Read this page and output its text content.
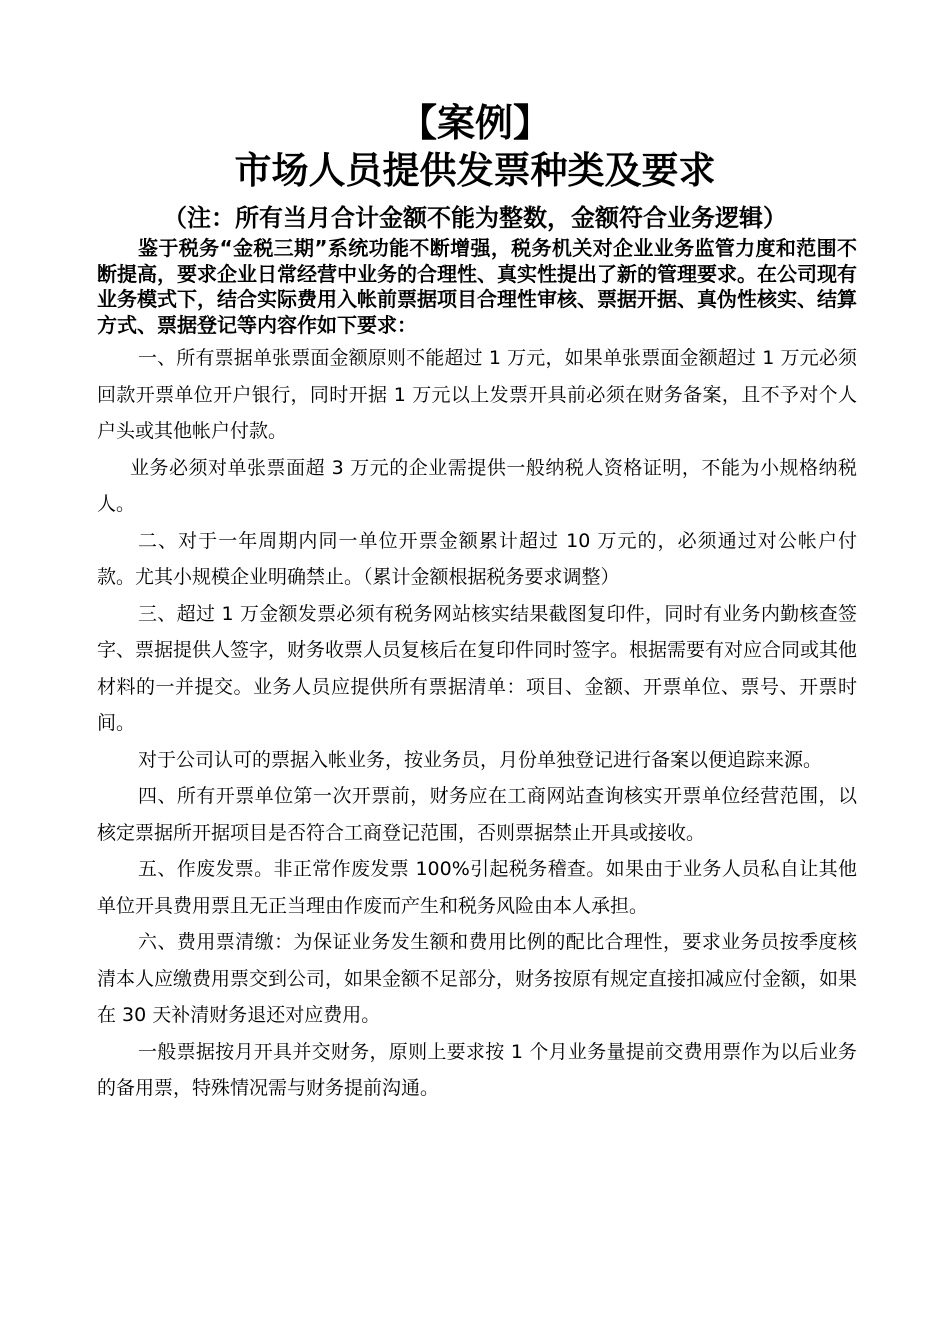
【案例】
市场人员提供发票种类及要求
（注：所有当月合计金额不能为整数，金额符合业务逻辑）
鉴于税务“金税三期”系统功能不断增强，税务机关对企业业务监管力度和范围不断提高，要求企业日常经营中业务的合理性、真实性提出了新的管理要求。在公司现有业务模式下，结合实际费用入帐前票据项目合理性审核、票据开据、真伪性核实、结算方式、票据登记等内容作如下要求：

一、所有票据单张票面金额原则不能超过 1 万元，如果单张票面金额超过 1 万元必须回款开票单位开户银行，同时开据 1 万元以上发票开具前必须在财务备案，且不予对个人户头或其他帐户付款。

业务必须对单张票面超 3 万元的企业需提供一般纳税人资格证明，不能为小规格纳税人。

二、对于一年周期内同一单位开票金额累计超过 10 万元的，必须通过对公帐户付款。尤其小规模企业明确禁止。（累计金额根据税务要求调整）

三、超过 1 万金额发票必须有税务网站核实结果截图复印件，同时有业务内勤核查签字、票据提供人签字，财务收票人员复核后在复印件同时签字。根据需要有对应合同或其他材料的一并提交。业务人员应提供所有票据清单：项目、金额、开票单位、票号、开票时间。

对于公司认可的票据入帐业务，按业务员，月份单独登记进行备案以便追踪来源。

四、所有开票单位第一次开票前，财务应在工商网站查询核实开票单位经营范围，以核定票据所开据项目是否符合工商登记范围，否则票据禁止开具或接收。

五、作废发票。非正常作废发票 100%引起税务稽查。如果由于业务人员私自让其他单位开具费用票且无正当理由作废而产生和税务风险由本人承担。

六、费用票清缴：为保证业务发生额和费用比例的配比合理性，要求业务员按季度核清本人应缴费用票交到公司，如果金额不足部分，财务按原有规定直接扣减应付金额，如果在 30 天补清财务退还对应费用。

一般票据按月开具并交财务，原则上要求按 1 个月业务量提前交费用票作为以后业务的备用票，特殊情况需与财务提前沟通。
